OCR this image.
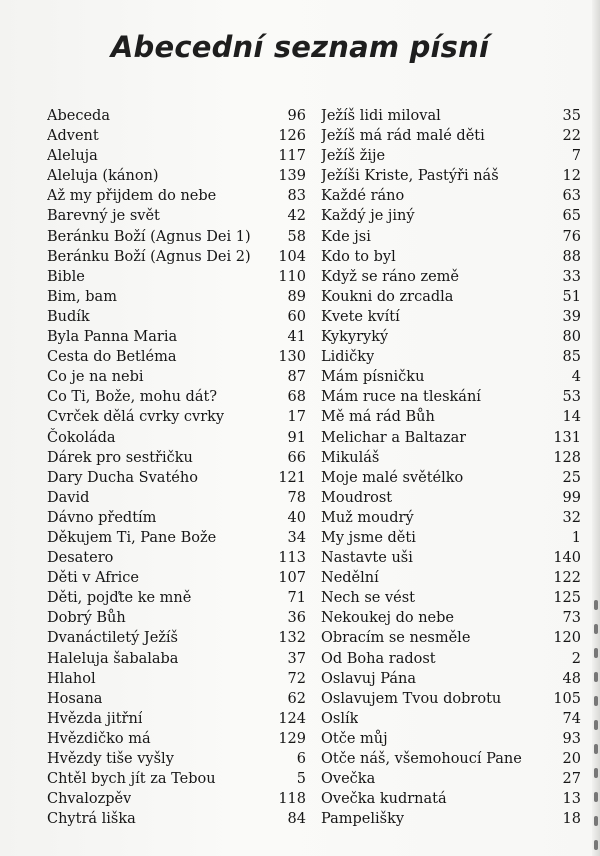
Abecední seznam písní
Abeceda	96
Advent	126
Aleluja	117
Aleluja (kánon)	139
Až my přijdem do nebe	83
Barevný je svět	42
Beránku Boží (Agnus Dei 1)	58
Beránku Boží (Agnus Dei 2) 104
Bible	110
Bim, bam	89
Budík	60
Byla Panna Maria	41
Cesta do Betléma	130
Co je na nebi	87
Co Ti, Bože, mohu dát?	68
Cvrček dělá cvrky cvrky	17
Čokoláda	91
Dárek pro sestřičku	66
Dary Ducha Svatého	121
David	78
Dávno předtím	40
Děkujem Ti, Pane Bože	34
Desatero	113
Děti v Africe	107
Děti, pojďte ke mně	71
Dobrý Bůh	36
Dvanáctiletý Ježíš	132
Haleluja šabalaba	37
Hlahol	72
Hosana	62
Hvězda jitřní	124
Hvězdičko má	129
Hvězdy tiše vyšly	6
Chtěl bych jít za Tebou	5
Chvalozpěv	118
Chytrá liška	84
Ježíš lidi miloval	35
Ježíš má rád malé děti	22
Ježíš žije	7
Ježíši Kriste, Pastýři náš	12
Každé ráno	63
Každý je jiný	65
Kde jsi	76
Kdo to byl	88
Když se ráno země	33
Koukni do zrcadla	51
Kvete kvítí	39
Kykyryký	80
Lidičky	85
Mám písničku	4
Mám ruce na tleskání	53
Mě má rád Bůh	14
Melichar a Baltazar	131
Mikuláš	128
Moje malé světélko	25
Moudrost	99
Muž moudrý	32
My jsme děti	1
Nastavte uši	140
Nedělní	122
Nech se vést	125
Nekoukej do nebe	73
Obracím se nesměle	120
Od Boha radost	2
Oslavuj Pána	48
Oslavujem Tvou dobrotu	105
Oslík	74
Otče můj	93
Otče náš, všemohoucí Pane	20
Ovečka	27
Ovečka kudrnatá	13
Pampelišky	18
